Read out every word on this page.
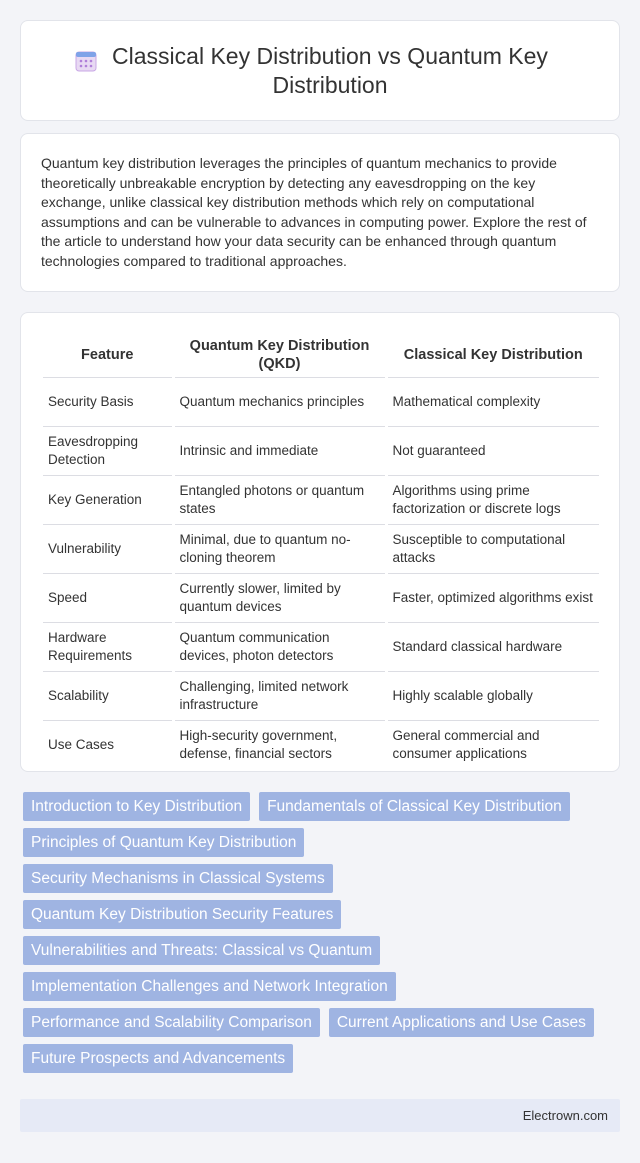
Classical Key Distribution vs Quantum Key Distribution

Quantum key distribution leverages the principles of quantum mechanics to provide theoretically unbreakable encryption by detecting any eavesdropping on the key exchange, unlike classical key distribution methods which rely on computational assumptions and can be vulnerable to advances in computing power. Explore the rest of the article to understand how your data security can be enhanced through quantum technologies compared to traditional approaches.

Feature	Quantum Key Distribution (QKD)	Classical Key Distribution
Security Basis	Quantum mechanics principles	Mathematical complexity
Eavesdropping Detection	Intrinsic and immediate	Not guaranteed
Key Generation	Entangled photons or quantum states	Algorithms using prime factorization or discrete logs
Vulnerability	Minimal, due to quantum no-cloning theorem	Susceptible to computational attacks
Speed	Currently slower, limited by quantum devices	Faster, optimized algorithms exist
Hardware Requirements	Quantum communication devices, photon detectors	Standard classical hardware
Scalability	Challenging, limited network infrastructure	Highly scalable globally
Use Cases	High-security government, defense, financial sectors	General commercial and consumer applications
Introduction to Key Distribution	Fundamentals of Classical Key Distribution
Principles of Quantum Key Distribution
Security Mechanisms in Classical Systems
Quantum Key Distribution Security Features
Vulnerabilities and Threats: Classical vs Quantum
Implementation Challenges and Network Integration
Performance and Scalability Comparison	Current Applications and Use Cases
Future Prospects and Advancements
Electrown.com
